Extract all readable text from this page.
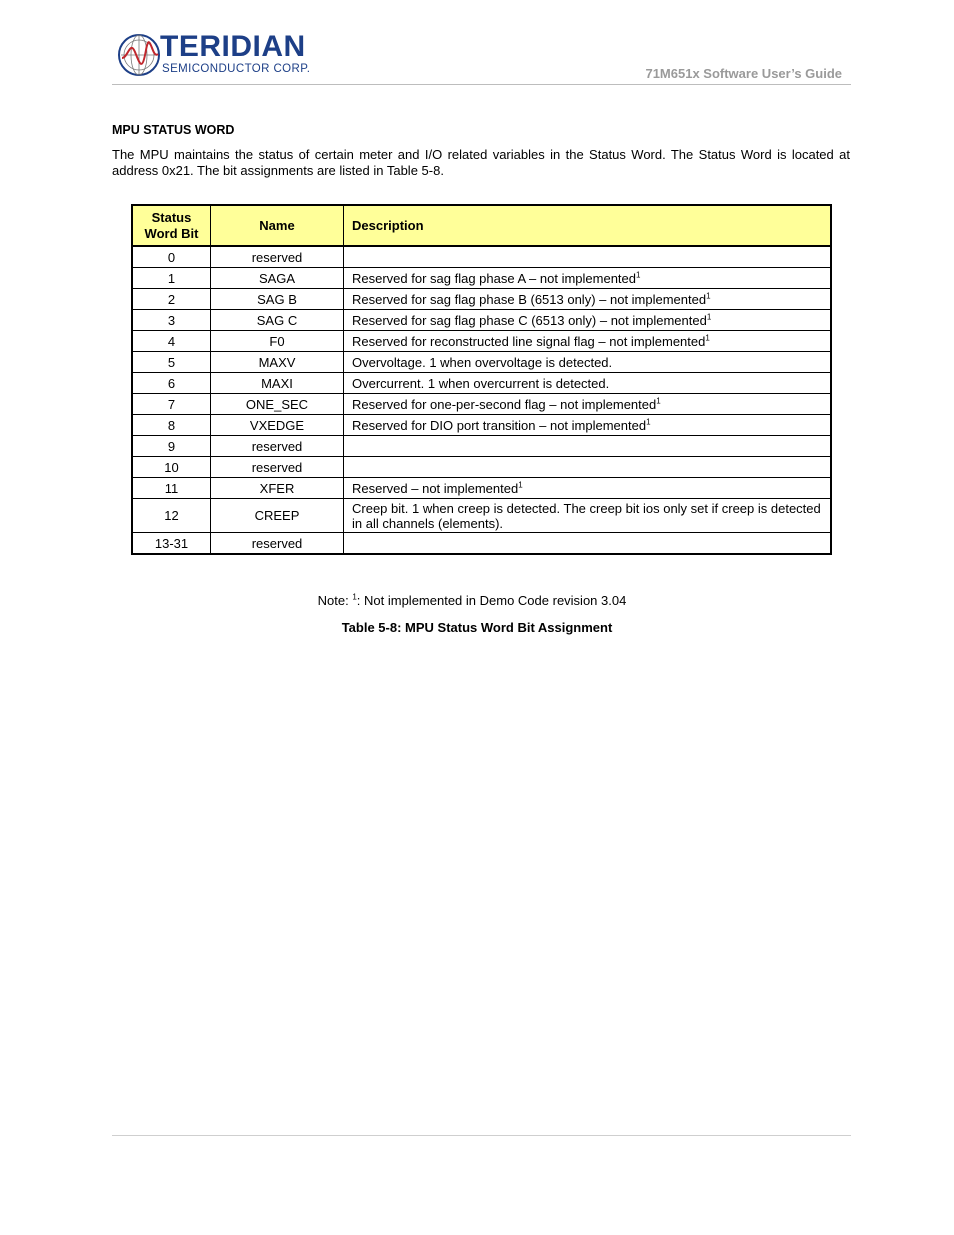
TERIDIAN
SEMICONDUCTOR CORP.	71M651x Software User’s Guide
MPU STATUS WORD
The MPU maintains the status of certain meter and I/O related variables in the Status Word. The Status Word is located at address 0x21. The bit assignments are listed in Table 5-8.
Status Word Bit	Name	Description
0	reserved	
1	SAGA	Reserved for sag flag phase A – not implemented$^1$
2	SAG B	Reserved for sag flag phase B (6513 only) – not implemented$^1$
3	SAG C	Reserved for sag flag phase C (6513 only) – not implemented$^1$
4	F0	Reserved for reconstructed line signal flag – not implemented$^1$
5	MAXV	Overvoltage. 1 when overvoltage is detected.
6	MAXI	Overcurrent. 1 when overcurrent is detected.
7	ONE_SEC	Reserved for one-per-second flag – not implemented$^1$
8	VXEDGE	Reserved for DIO port transition – not implemented$^1$
9	reserved	
10	reserved	
11	XFER	Reserved – not implemented$^1$
12	CREEP	Creep bit. 1 when creep is detected. The creep bit ios only set if creep is detected in all channels (elements).
13-31	reserved	
Note: $^1$: Not implemented in Demo Code revision 3.04
Table 5-8: MPU Status Word Bit Assignment
